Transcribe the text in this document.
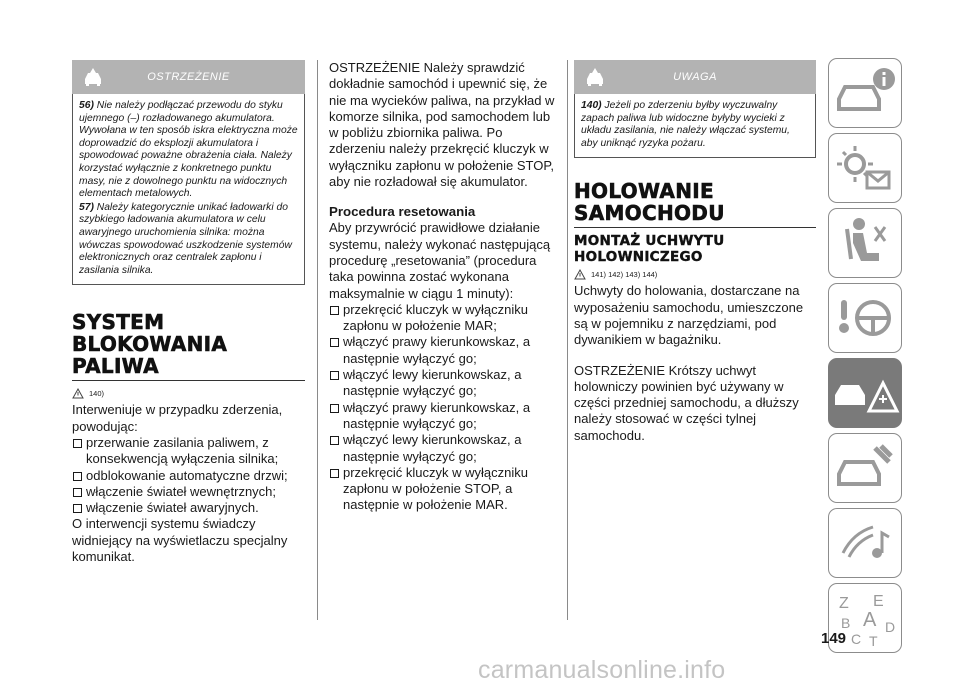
OSTRZEŻENIE

56) Nie należy podłączać przewodu do styku ujemnego (–) rozładowanego akumulatora. Wywołana w ten sposób iskra elektryczna może doprowadzić do eksplozji akumulatora i spowodować poważne obrażenia ciała. Należy korzystać wyłącznie z konkretnego punktu masy, nie z dowolnego punktu na widocznych elementach metalowych.

57) Należy kategorycznie unikać ładowarki do szybkiego ładowania akumulatora w celu awaryjnego uruchomienia silnika: można wówczas spowodować uszkodzenie systemów elektronicznych oraz centralek zapłonu i zasilania silnika.

SYSTEM
BLOKOWANIA
PALIWA
140)

Interweniuje w przypadku zderzenia, powodując:

przerwanie zasilania paliwem, z konsekwencją wyłączenia silnika;
odblokowanie automatyczne drzwi;
włączenie świateł wewnętrznych;
włączenie świateł awaryjnych.

O interwencji systemu świadczy widniejący na wyświetlaczu specjalny komunikat.

OSTRZEŻENIE Należy sprawdzić dokładnie samochód i upewnić się, że nie ma wycieków paliwa, na przykład w komorze silnika, pod samochodem lub w pobliżu zbiornika paliwa. Po zderzeniu należy przekręcić kluczyk w wyłączniku zapłonu w położenie STOP, aby nie rozładował się akumulator.

Procedura resetowania

Aby przywrócić prawidłowe działanie systemu, należy wykonać następującą procedurę „resetowania” (procedura taka powinna zostać wykonana maksymalnie w ciągu 1 minuty):

przekręcić kluczyk w wyłączniku zapłonu w położenie MAR;
włączyć prawy kierunkowskaz, a następnie wyłączyć go;
włączyć lewy kierunkowskaz, a następnie wyłączyć go;
włączyć prawy kierunkowskaz, a następnie wyłączyć go;
włączyć lewy kierunkowskaz, a następnie wyłączyć go;
przekręcić kluczyk w wyłączniku zapłonu w położenie STOP, a następnie w położenie MAR.
UWAGA

140) Jeżeli po zderzeniu byłby wyczuwalny zapach paliwa lub widoczne byłyby wycieki z układu zasilania, nie należy włączać systemu, aby uniknąć ryzyka pożaru.

HOLOWANIE
SAMOCHODU
MONTAŻ UCHWYTU
HOLOWNICZEGO
141) 142) 143) 144)

Uchwyty do holowania, dostarczane na wyposażeniu samochodu, umieszczone są w pojemniku z narzędziami, pod dywanikiem w bagażniku.

OSTRZEŻENIE Krótszy uchwyt holowniczy powinien być używany w części przedniej samochodu, a dłuższy należy stosować w części tylnej samochodu.

Z E
A
B D
C T
149
carmanualsonline.info
